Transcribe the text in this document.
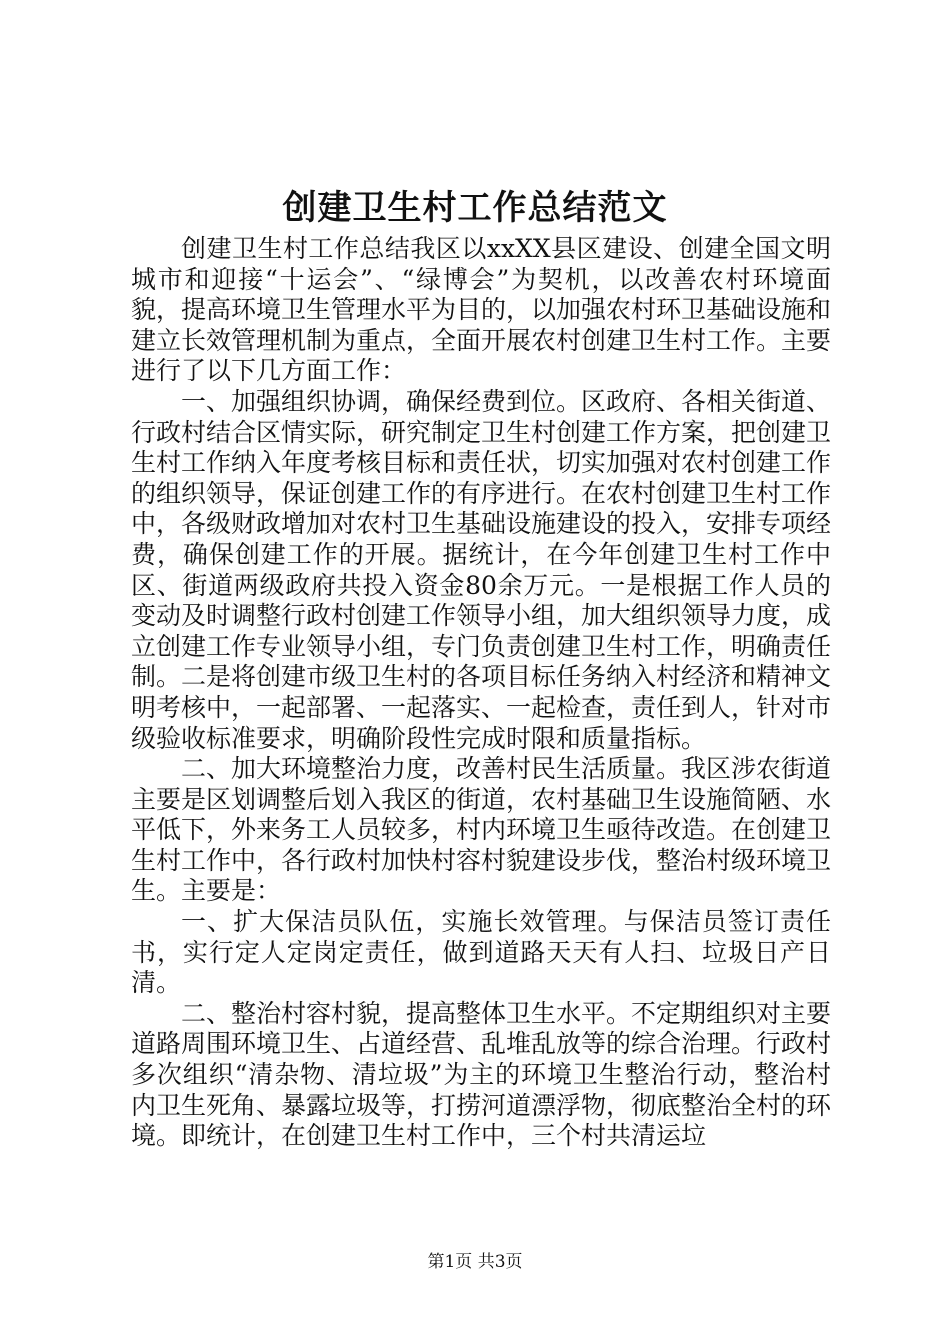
创建卫生村工作总结范文

创建卫生村工作总结我区以xxXX县区建设、创建全国文明城市和迎接“十运会”、“绿博会”为契机，以改善农村环境面貌，提高环境卫生管理水平为目的，以加强农村环卫基础设施和建立长效管理机制为重点，全面开展农村创建卫生村工作。主要进行了以下几方面工作：

一、加强组织协调，确保经费到位。区政府、各相关街道、行政村结合区情实际，研究制定卫生村创建工作方案，把创建卫生村工作纳入年度考核目标和责任状，切实加强对农村创建工作的组织领导，保证创建工作的有序进行。在农村创建卫生村工作中，各级财政增加对农村卫生基础设施建设的投入，安排专项经费，确保创建工作的开展。据统计，在今年创建卫生村工作中区、街道两级政府共投入资金80余万元。一是根据工作人员的变动及时调整行政村创建工作领导小组，加大组织领导力度，成立创建工作专业领导小组，专门负责创建卫生村工作，明确责任制。二是将创建市级卫生村的各项目标任务纳入村经济和精神文明考核中，一起部署、一起落实、一起检查，责任到人，针对市级验收标准要求，明确阶段性完成时限和质量指标。

二、加大环境整治力度，改善村民生活质量。我区涉农街道主要是区划调整后划入我区的街道，农村基础卫生设施简陋、水平低下，外来务工人员较多，村内环境卫生亟待改造。在创建卫生村工作中，各行政村加快村容村貌建设步伐，整治村级环境卫生。主要是：

一、扩大保洁员队伍，实施长效管理。与保洁员签订责任书，实行定人定岗定责任，做到道路天天有人扫、垃圾日产日清。

二、整治村容村貌，提高整体卫生水平。不定期组织对主要道路周围环境卫生、占道经营、乱堆乱放等的综合治理。行政村多次组织“清杂物、清垃圾”为主的环境卫生整治行动，整治村内卫生死角、暴露垃圾等，打捞河道漂浮物，彻底整治全村的环境。即统计，在创建卫生村工作中，三个村共清运垃

第1页 共3页
